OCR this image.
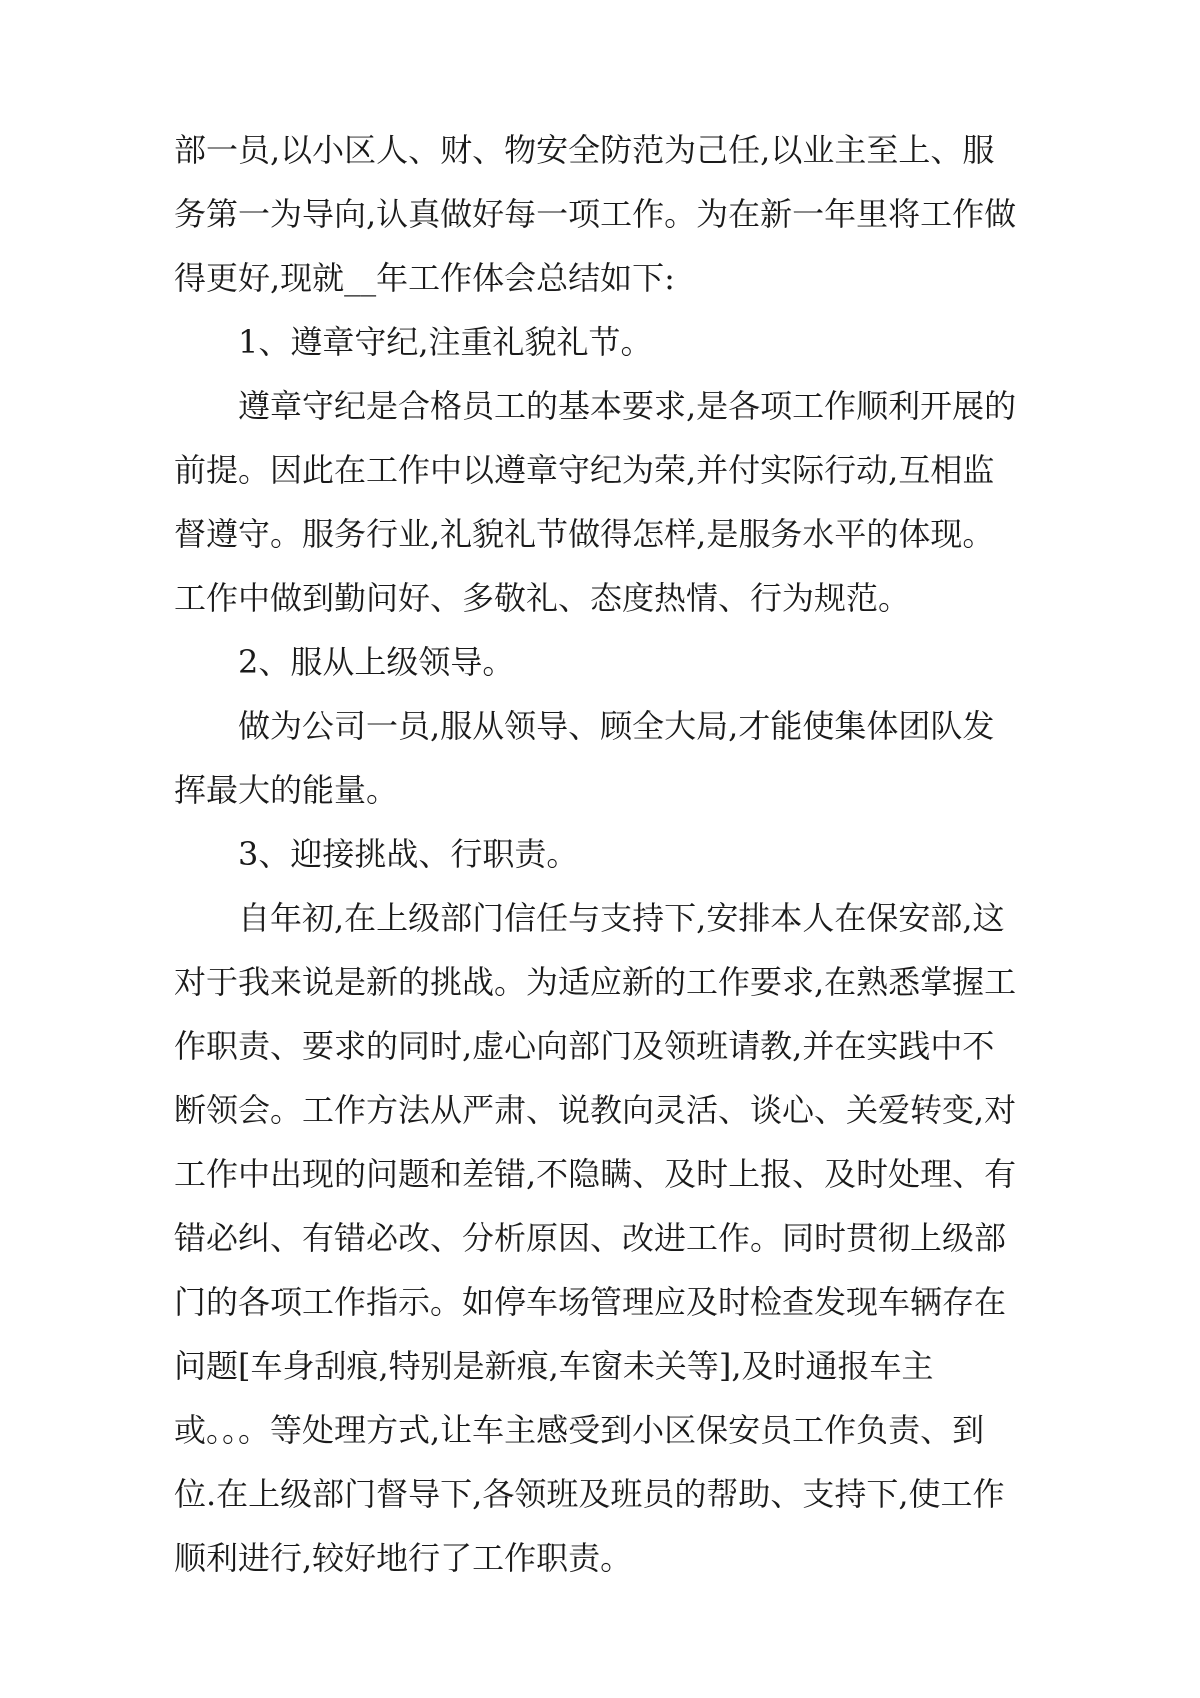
部一员,以小区人、财、物安全防范为己任,以业主至上、服务第一为导向,认真做好每一项工作。为在新一年里将工作做得更好,现就__年工作体会总结如下:

1、遵章守纪,注重礼貌礼节。

遵章守纪是合格员工的基本要求,是各项工作顺利开展的前提。因此在工作中以遵章守纪为荣,并付实际行动,互相监督遵守。服务行业,礼貌礼节做得怎样,是服务水平的体现。工作中做到勤问好、多敬礼、态度热情、行为规范。

2、服从上级领导。

做为公司一员,服从领导、顾全大局,才能使集体团队发挥最大的能量。

3、迎接挑战、行职责。

自年初,在上级部门信任与支持下,安排本人在保安部,这对于我来说是新的挑战。为适应新的工作要求,在熟悉掌握工作职责、要求的同时,虚心向部门及领班请教,并在实践中不断领会。工作方法从严肃、说教向灵活、谈心、关爱转变,对工作中出现的问题和差错,不隐瞒、及时上报、及时处理、有错必纠、有错必改、分析原因、改进工作。同时贯彻上级部门的各项工作指示。如停车场管理应及时检查发现车辆存在问题[车身刮痕,特别是新痕,车窗未关等],及时通报车主或。。。等处理方式,让车主感受到小区保安员工作负责、到位.在上级部门督导下,各领班及班员的帮助、支持下,使工作顺利进行,较好地行了工作职责。
